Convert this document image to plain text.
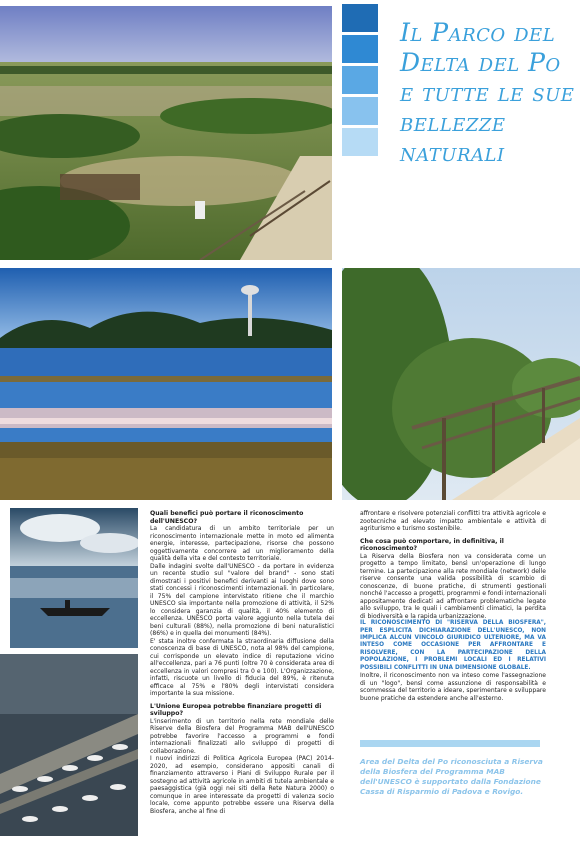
Il Parco del Delta del Po e tutte le sue bellezze naturali
Quali benefici può portare il riconoscimento dell'UNESCO?

La candidatura di un ambito territoriale per un riconoscimento internazionale mette in moto ed alimenta energie, interesse, partecipazione, risorse che possono oggettivamente concorrere ad un miglioramento della qualità della vita e del contesto territoriale.

Dalle indagini svolte dall'UNESCO - da portare in evidenza un recente studio sul "valore del brand" - sono stati dimostrati i positivi benefici derivanti ai luoghi dove sono stati concessi i riconoscimenti internazionali. In particolare, il 75% del campione intervistato ritiene che il marchio UNESCO sia importante nella promozione di attività, il 52% lo considera garanzia di qualità, il 40% elemento di eccellenza. UNESCO porta valore aggiunto nella tutela dei beni culturali (88%), nella promozione di beni naturalistici (86%) e in quella dei monumenti (84%).

E' stata inoltre confermata la straordinaria diffusione della conoscenza di base di UNESCO, nota al 98% del campione, cui corrisponde un elevato indice di reputazione vicino all'eccellenza, pari a 76 punti (oltre 70 è considerata area di eccellenza in valori compresi tra 0 e 100). L'Organizzazione, infatti, riscuote un livello di fiducia del 89%, è ritenuta efficace al 75% e l'80% degli intervistati considera importante la sua missione.

L'Unione Europea potrebbe finanziare progetti di sviluppo?

L'inserimento di un territorio nella rete mondiale delle Riserve della Biosfera del Programma MAB dell'UNESCO potrebbe favorire l'accesso a programmi e fondi internazionali finalizzati allo sviluppo di progetti di collaborazione.

I nuovi indirizzi di Politica Agricola Europea (PAC) 2014- 2020, ad esempio, considerano appositi canali di finanziamento attraverso i Piani di Sviluppo Rurale per il sostegno ad attività agricole in ambiti di tutela ambientale e paesaggistica (già oggi nei siti della Rete Natura 2000) o comunque in aree interessate da progetti di valenza socio locale, come appunto potrebbe essere una Riserva della Biosfera, anche al fine di

affrontare e risolvere potenziali conflitti tra attività agricole e zootecniche ad elevato impatto ambientale e attività di agriturismo e turismo sostenibile.

Che cosa può comportare, in definitiva, il riconoscimento?

La Riserva della Biosfera non va considerata come un progetto a tempo limitato, bensì un'operazione di lungo termine. La partecipazione alla rete mondiale (network) delle riserve consente una valida possibilità di scambio di conoscenze, di buone pratiche, di strumenti gestionali nonché l'accesso a progetti, programmi e fondi internazionali appositamente dedicati ad affrontare problematiche legate allo sviluppo, tra le quali i cambiamenti climatici, la perdita di biodiversità e la rapida urbanizzazione.

IL RICONOSCIMENTO DI "RISERVA DELLA BIOSFERA", PER ESPLICITA DICHIARAZIONE DELL'UNESCO, NON IMPLICA ALCUN VINCOLO GIURIDICO ULTERIORE, MA VA INTESO COME OCCASIONE PER AFFRONTARE E RISOLVERE, CON LA PARTECIPAZIONE DELLA POPOLAZIONE, I PROBLEMI LOCALI ED I RELATIVI POSSIBILI CONFLITTI IN UNA DIMENSIONE GLOBALE.

Inoltre, il riconoscimento non va inteso come l'assegnazione di un "logo", bensì come assunzione di responsabilità e scommessa del territorio a ideare, sperimentare e sviluppare buone pratiche da estendere anche all'esterno.

Area del Delta del Po riconosciuta a Riserva della Biosfera del Programma MAB dell'UNESCO è supportato dalla Fondazione Cassa di Risparmio di Padova e Rovigo.
